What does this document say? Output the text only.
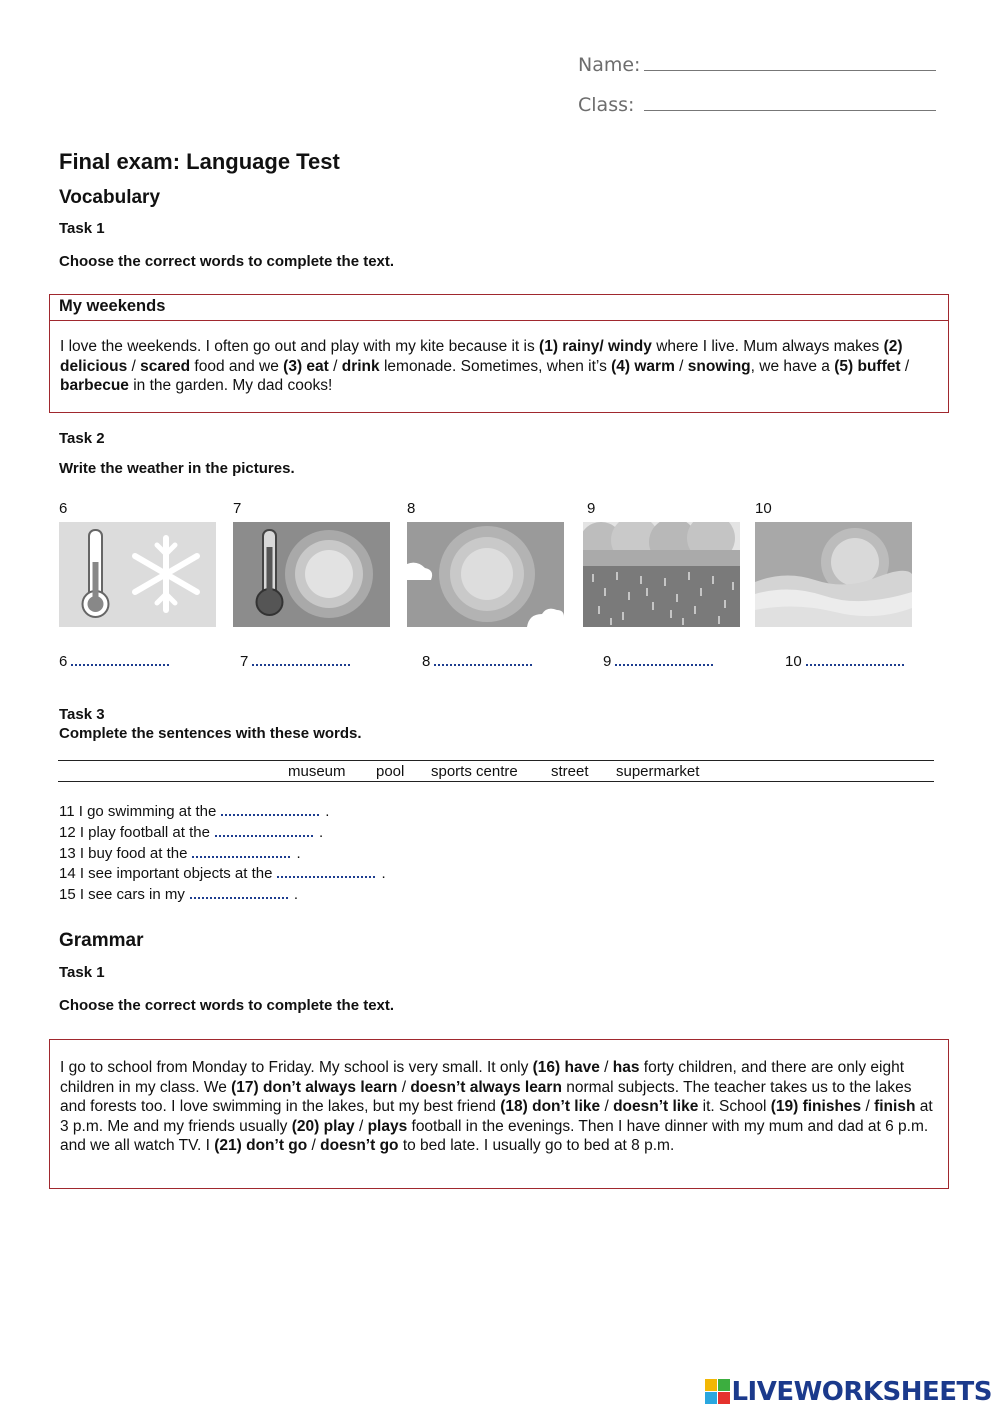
Name:
Class:
Final exam: Language Test
Vocabulary
Task 1
Choose the correct words to complete the text.
My weekends
I love the weekends. I often go out and play with my kite because it is (1) rainy/ windy where I live. Mum always makes (2) delicious / scared food and we (3) eat / drink lemonade. Sometimes, when it’s (4) warm / snowing, we have a (5) buffet / barbecue in the garden. My dad cooks!
Task 2
Write the weather in the pictures.
6	7	8	9	10
6	7	8	9	10
Task 3
Complete the sentences with these words.
museum pool sports centre street supermarket
11 I go swimming at the	.
12 I play football at the	.
13 I buy food at the	.
14 I see important objects at the	.
15 I see cars in my	.
Grammar
Task 1
Choose the correct words to complete the text.
I go to school from Monday to Friday. My school is very small. It only (16) have / has forty children, and there are only eight children in my class. We (17) don’t always learn / doesn’t always learn normal subjects. The teacher takes us to the lakes and forests too. I love swimming in the lakes, but my best friend (18) don’t like / doesn’t like it. School (19) finishes / finish at 3 p.m. Me and my friends usually (20) play / plays football in the evenings. Then I have dinner with my mum and dad at 6 p.m. and we all watch TV. I (21) don’t go / doesn’t go to bed late. I usually go to bed at 8 p.m.
LIVEWORKSHEETS
